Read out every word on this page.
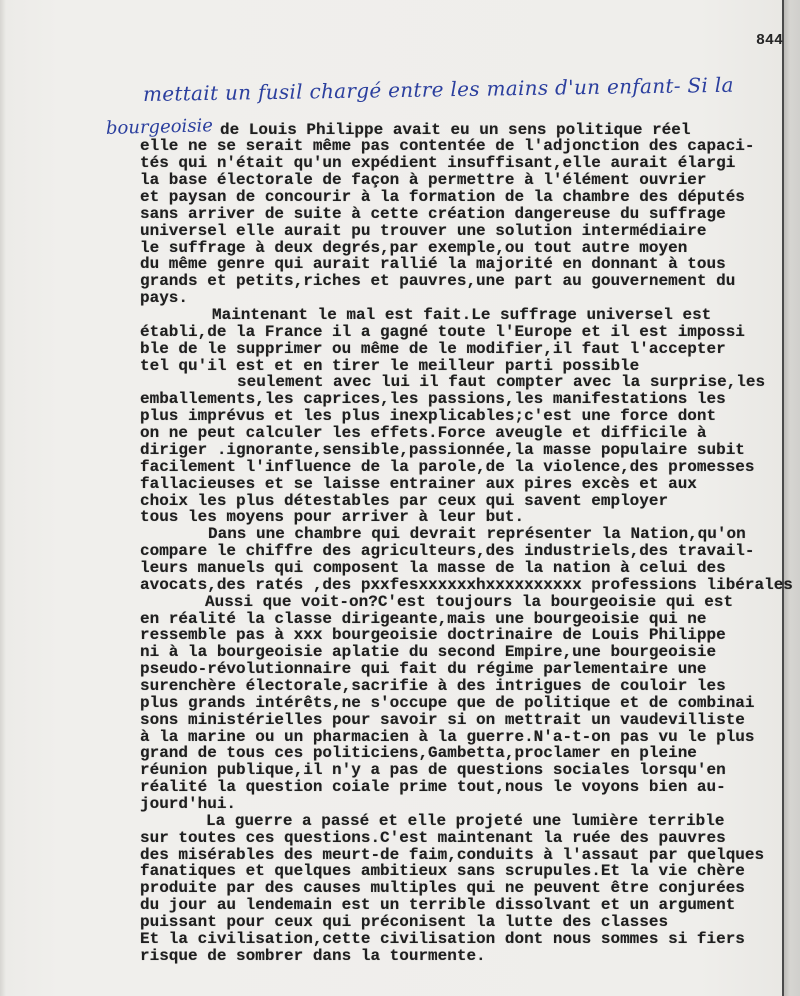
844
mettait un fusil chargé entre les mains d'un enfant- Si la
bourgeoisie de Louis Philippe avait eu un sens politique réel
elle ne se serait même pas contentée de l'adjonction des capaci-
tés qui n'était qu'un expédient insuffisant,elle aurait élargi
la base électorale de façon à permettre à l'élément ouvrier
et paysan de concourir à la formation de la chambre des députés
sans arriver de suite à cette création dangereuse du suffrage
universel elle aurait pu trouver une solution intermédiaire
le suffrage à deux degrés,par exemple,ou tout autre moyen
du même genre qui aurait rallié la majorité en donnant à tous
grands et petits,riches et pauvres,une part au gouvernement du
pays.
Maintenant le mal est fait.Le suffrage universel est
établi,de la France il a gagné toute l'Europe et il est impossi
ble de le supprimer ou même de le modifier,il faut l'accepter
tel qu'il est et en tirer le meilleur parti possible
seulement avec lui il faut compter avec la surprise,les
emballements,les caprices,les passions,les manifestations les
plus imprévus et les plus inexplicables;c'est une force dont
on ne peut calculer les effets.Force aveugle et difficile à
diriger .ignorante,sensible,passionnée,la masse populaire subit
facilement l'influence de la parole,de la violence,des promesses
fallacieuses et se laisse entrainer aux pires excès et aux
choix les plus détestables par ceux qui savent employer
tous les moyens pour arriver à leur but.
Dans une chambre qui devrait représenter la Nation,qu'on
compare le chiffre des agriculteurs,des industriels,des travail-
leurs manuels qui composent la masse de la nation à celui des
avocats,des ratés ,des pxxfesxxxxxxhxxxxxxxxxx professions libérales
Aussi que voit-on?C'est toujours la bourgeoisie qui est
en réalité la classe dirigeante,mais une bourgeoisie qui ne
ressemble pas à xxx bourgeoisie doctrinaire de Louis Philippe
ni à la bourgeoisie aplatie du second Empire,une bourgeoisie
pseudo-révolutionnaire qui fait du régime parlementaire une
surenchère électorale,sacrifie à des intrigues de couloir les
plus grands intérêts,ne s'occupe que de politique et de combinai
sons ministérielles pour savoir si on mettrait un vaudevilliste
à la marine ou un pharmacien à la guerre.N'a-t-on pas vu le plus
grand de tous ces politiciens,Gambetta,proclamer en pleine
réunion publique,il n'y a pas de questions sociales lorsqu'en
réalité la question coiale prime tout,nous le voyons bien au-
jourd'hui.
La guerre a passé et elle projeté une lumière terrible
sur toutes ces questions.C'est maintenant la ruée des pauvres
des misérables des meurt-de faim,conduits à l'assaut par quelques
fanatiques et quelques ambitieux sans scrupules.Et la vie chère
produite par des causes multiples qui ne peuvent être conjurées
du jour au lendemain est un terrible dissolvant et un argument
puissant pour ceux qui préconisent la lutte des classes
Et la civilisation,cette civilisation dont nous sommes si fiers
risque de sombrer dans la tourmente.
